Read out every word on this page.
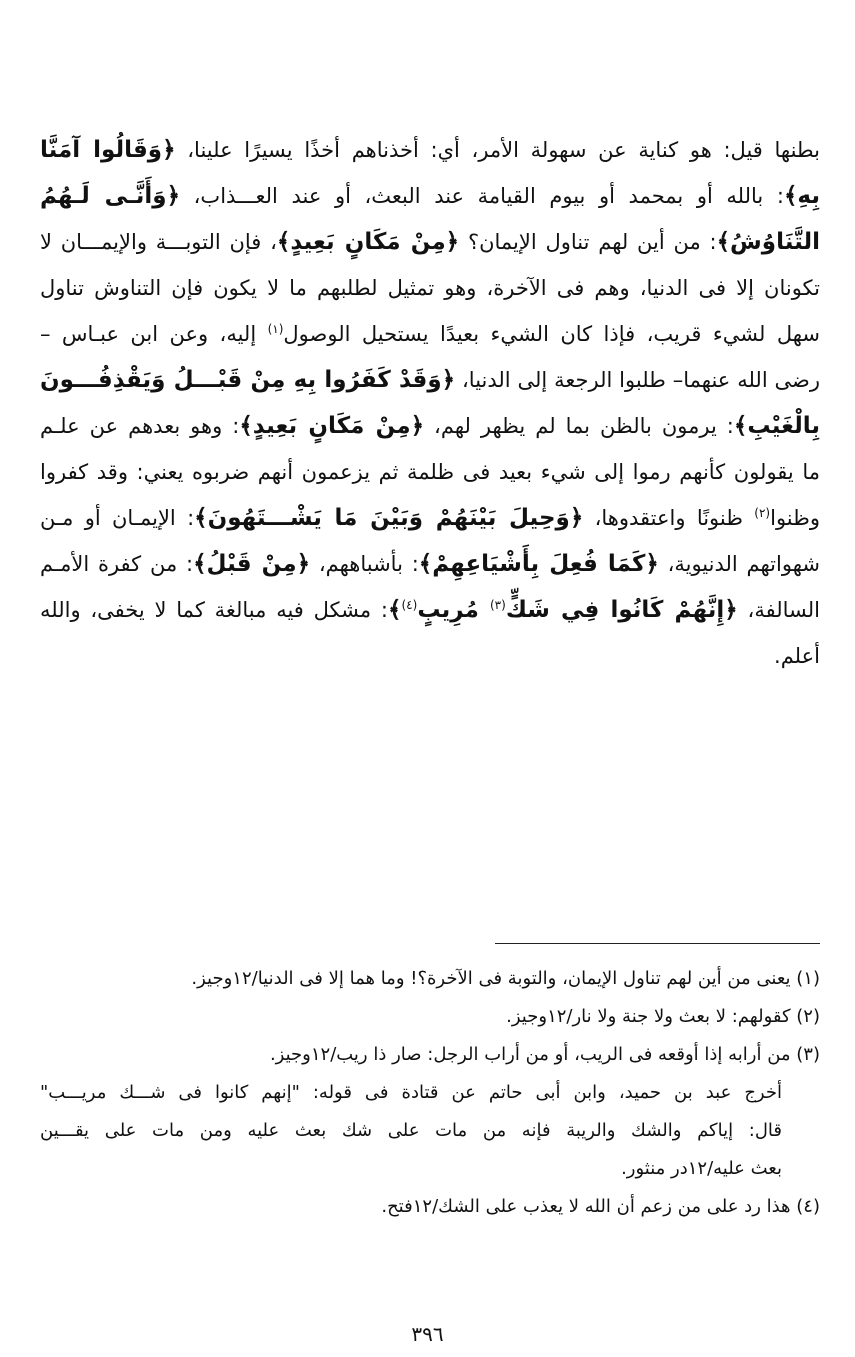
بطنها قيل: هو كناية عن سهولة الأمر، أي: أخذناهم أخذًا يسيرًا علينا، ﴿وَقَالُوا آمَنَّا
بِهِ﴾: بالله أو بمحمد أو بيوم القيامة عند البعث، أو عند العـــذاب، ﴿وَأَنَّـى لَـهُمُ
التَّنَاوُشُ﴾: من أين لهم تناول الإيمان؟ ﴿مِنْ مَكَانٍ بَعِيدٍ﴾، فإن التوبـــة والإيمـــان لا
تكونان إلا فى الدنيا، وهم فى الآخرة، وهو تمثيل لطلبهم ما لا يكون فإن التناوش تناول
سهل لشيء قريب، فإذا كان الشيء بعيدًا يستحيل الوصول$^{(١)}$ إليه، وعن ابن عبـاس –
رضى الله عنهما– طلبوا الرجعة إلى الدنيا، ﴿وَقَدْ كَفَرُوا بِهِ مِنْ قَبْـــلُ وَيَقْذِفُـــونَ
بِالْغَيْبِ﴾: يرمون بالظن بما لم يظهر لهم، ﴿مِنْ مَكَانٍ بَعِيدٍ﴾: وهو بعدهم عن علـم
ما يقولون كأنهم رموا إلى شيء بعيد فى ظلمة ثم يزعمون أنهم ضربوه يعني: وقد كفروا
وظنوا$^{(٢)}$ ظنونًا واعتقدوها، ﴿وَحِيلَ بَيْنَهُمْ وَبَيْنَ مَا يَشْـــتَهُونَ﴾: الإيمـان أو مـن
شهواتهم الدنيوية، ﴿كَمَا فُعِلَ بِأَشْيَاعِهِمْ﴾: بأشباههم، ﴿مِنْ قَبْلُ﴾: من كفرة الأمـم
السالفة، ﴿إِنَّهُمْ كَانُوا فِي شَكٍّ$^{(٣)}$ مُرِيبٍ$^{(٤)}$﴾: مشكل فيه مبالغة كما لا يخفى، والله
أعلم.
(١) يعنى من أين لهم تناول الإيمان، والتوبة فى الآخرة؟! وما هما إلا فى الدنيا/١٢وجيز.
(٢) كقولهم: لا بعث ولا جنة ولا نار/١٢وجيز.
(٣) من أرابه إذا أوقعه فى الريب، أو من أراب الرجل: صار ذا ريب/١٢وجيز.
أخرج عبد بن حميد، وابن أبى حاتم عن قتادة فى قوله: "إنهم كانوا فى شـــك مريـــب"
قال: إياكم والشك والريبة فإنه من مات على شك بعث عليه ومن مات على يقـــين
بعث عليه/١٢در منثور.
(٤) هذا رد على من زعم أن الله لا يعذب على الشك/١٢فتح.
٣٩٦
